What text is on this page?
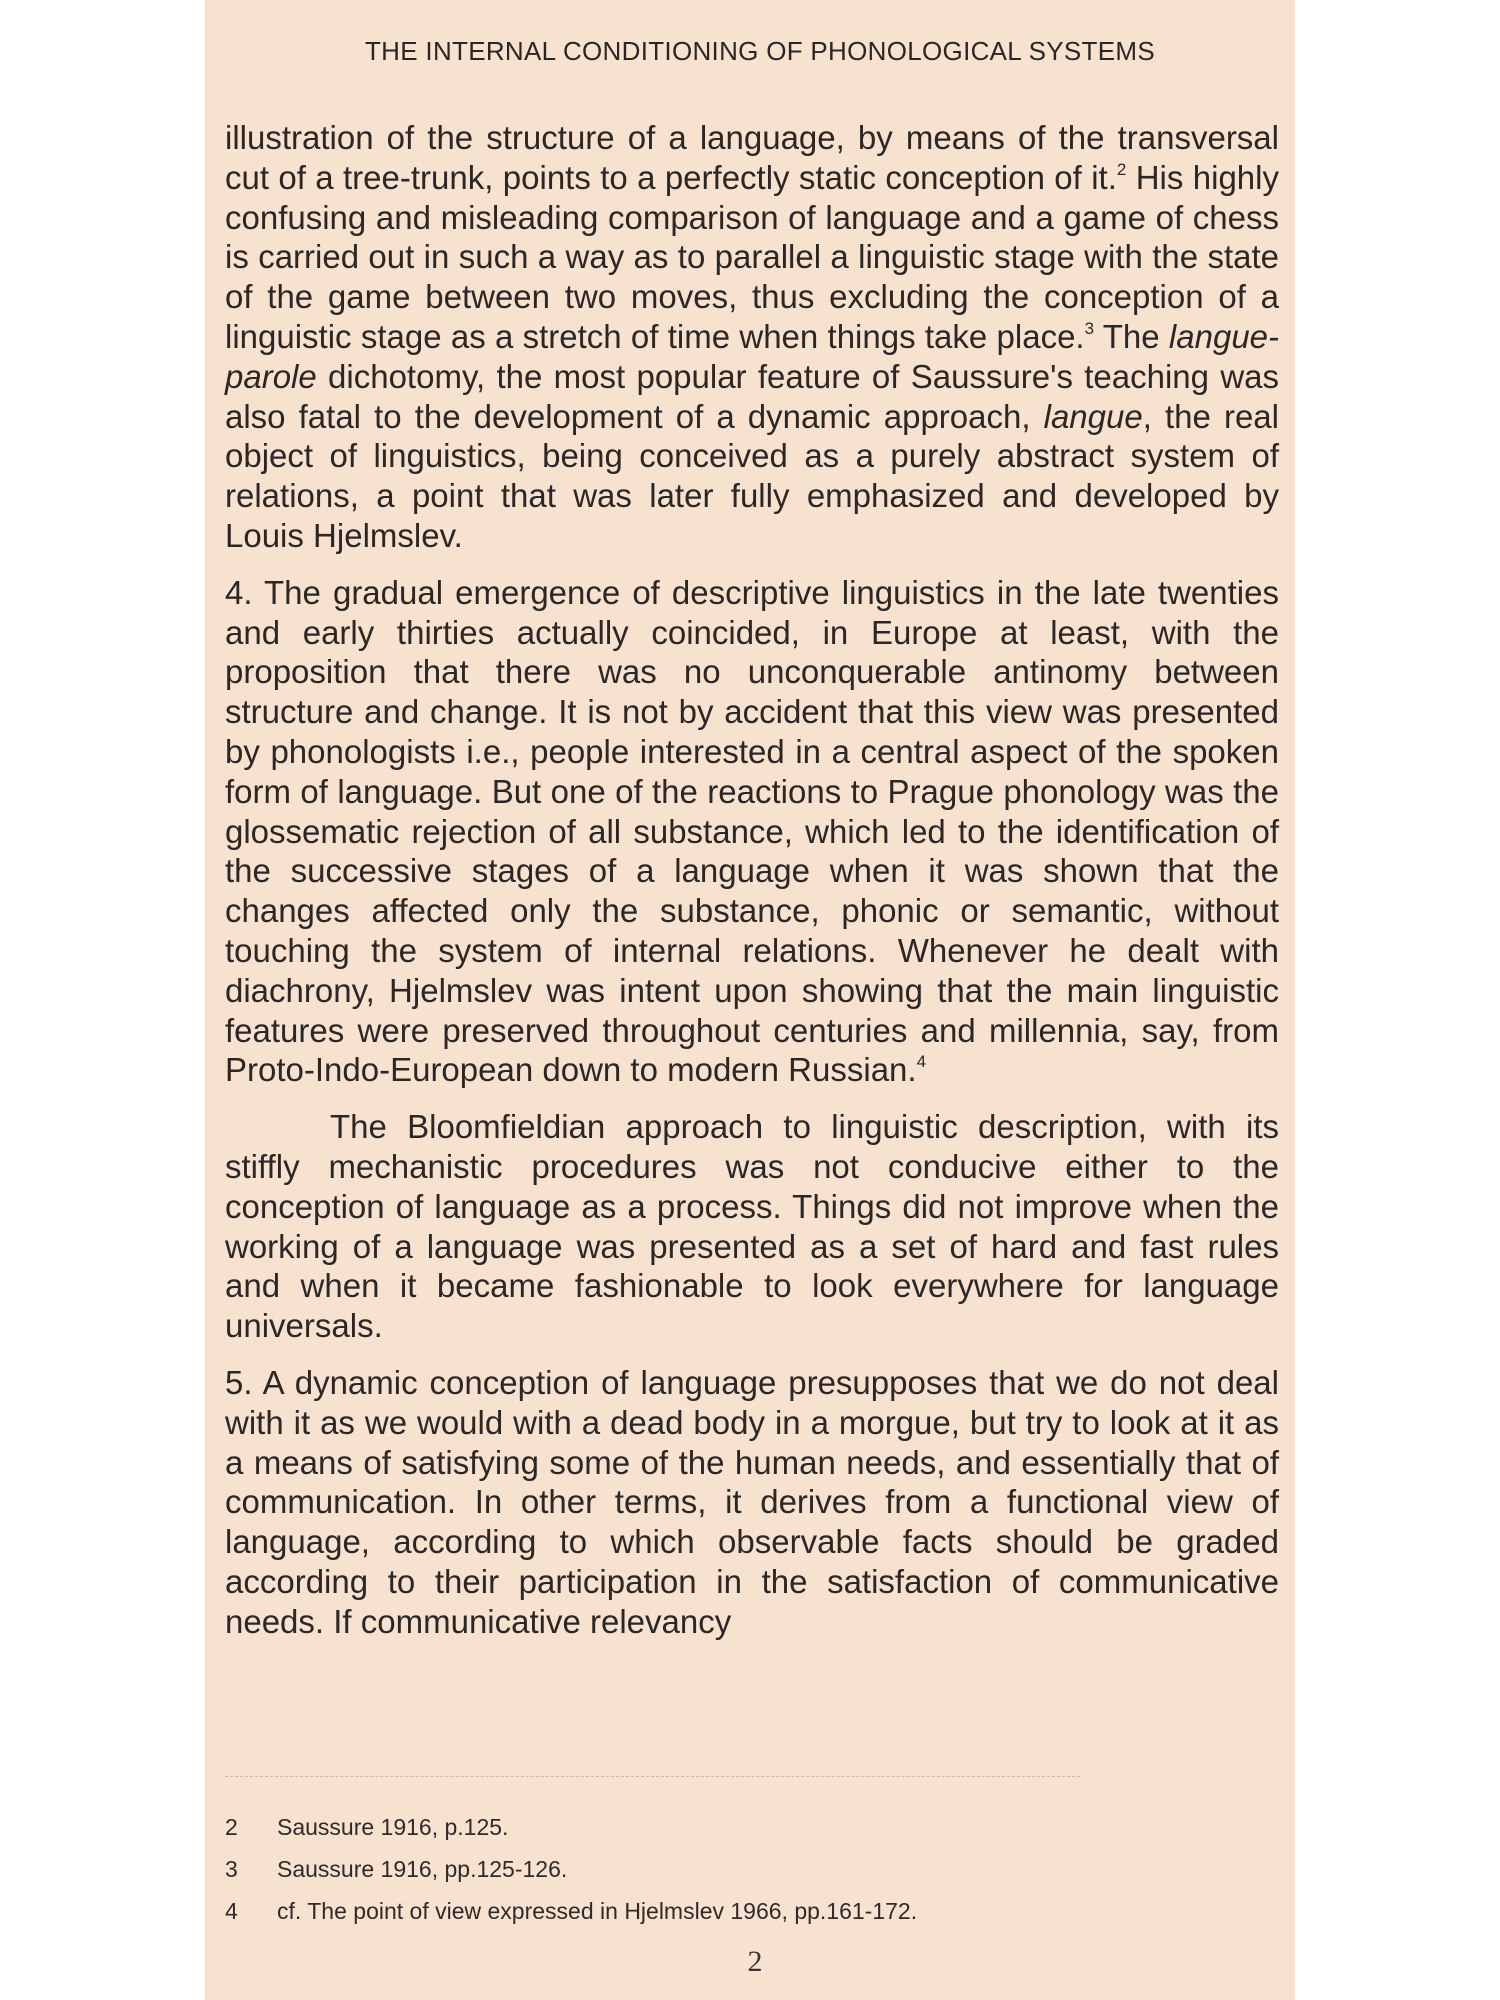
THE INTERNAL CONDITIONING OF PHONOLOGICAL SYSTEMS

illustration of the structure of a language, by means of the transversal cut of a tree-trunk, points to a perfectly static conception of it.$^2$ His highly confusing and misleading comparison of language and a game of chess is carried out in such a way as to parallel a linguistic stage with the state of the game between two moves, thus excluding the conception of a linguistic stage as a stretch of time when things take place.$^3$ The langue-parole dichotomy, the most popular feature of Saussure's teaching was also fatal to the development of a dynamic approach, langue, the real object of linguistics, being conceived as a purely abstract system of relations, a point that was later fully emphasized and developed by Louis Hjelmslev.

4. The gradual emergence of descriptive linguistics in the late twenties and early thirties actually coincided, in Europe at least, with the proposition that there was no unconquerable antinomy between structure and change. It is not by accident that this view was presented by phonologists i.e., people interested in a central aspect of the spoken form of language. But one of the reactions to Prague phonology was the glossematic rejection of all substance, which led to the identification of the successive stages of a language when it was shown that the changes affected only the substance, phonic or semantic, without touching the system of internal relations. Whenever he dealt with diachrony, Hjelmslev was intent upon showing that the main linguistic features were preserved throughout centuries and millennia, say, from Proto-Indo-European down to modern Russian.$^4$

The Bloomfieldian approach to linguistic description, with its stiffly mechanistic procedures was not conducive either to the conception of language as a process. Things did not improve when the working of a language was presented as a set of hard and fast rules and when it became fashionable to look everywhere for language universals.

5. A dynamic conception of language presupposes that we do not deal with it as we would with a dead body in a morgue, but try to look at it as a means of satisfying some of the human needs, and essentially that of communication. In other terms, it derives from a functional view of language, according to which observable facts should be graded according to their participation in the satisfaction of communicative needs. If communicative relevancy

2 Saussure 1916, p.125.
3 Saussure 1916, pp.125-126.
4 cf. The point of view expressed in Hjelmslev 1966, pp.161-172.
2
